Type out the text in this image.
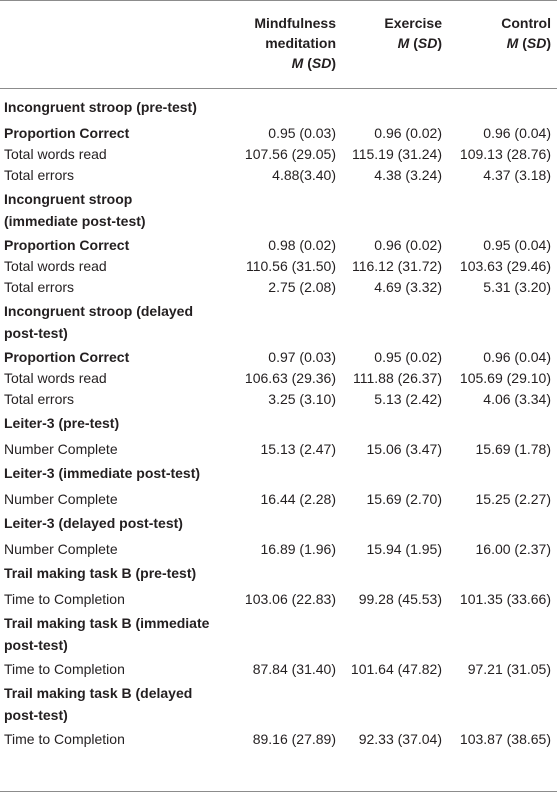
Mindfulness
meditation
M (SD)
Exercise
M (SD)
Control
M (SD)
Incongruent stroop (pre-test)
Proportion Correct	0.95 (0.03)	0.96 (0.02)	0.96 (0.04)
Total words read	107.56 (29.05) 115.19 (31.24) 109.13 (28.76)
Total errors	4.88(3.40)	4.38 (3.24)	4.37 (3.18)
Incongruent stroop
(immediate post-test)
Proportion Correct	0.98 (0.02)	0.96 (0.02)	0.95 (0.04)
Total words read	110.56 (31.50) 116.12 (31.72) 103.63 (29.46)
Total errors	2.75 (2.08)	4.69 (3.32)	5.31 (3.20)
Incongruent stroop (delayed
post-test)
Proportion Correct	0.97 (0.03)	0.95 (0.02)	0.96 (0.04)
Total words read	106.63 (29.36) 111.88 (26.37) 105.69 (29.10)
Total errors	3.25 (3.10)	5.13 (2.42)	4.06 (3.34)
Leiter-3 (pre-test)
Number Complete	15.13 (2.47) 15.06 (3.47) 15.69 (1.78)
Leiter-3 (immediate post-test)
Number Complete	16.44 (2.28) 15.69 (2.70) 15.25 (2.27)
Leiter-3 (delayed post-test)
Number Complete	16.89 (1.96) 15.94 (1.95) 16.00 (2.37)
Trail making task B (pre-test)
Time to Completion	103.06 (22.83) 99.28 (45.53) 101.35 (33.66)
Trail making task B (immediate
post-test)
Time to Completion	87.84 (31.40) 101.64 (47.82) 97.21 (31.05)
Trail making task B (delayed
post-test)
Time to Completion	89.16 (27.89) 92.33 (37.04) 103.87 (38.65)
